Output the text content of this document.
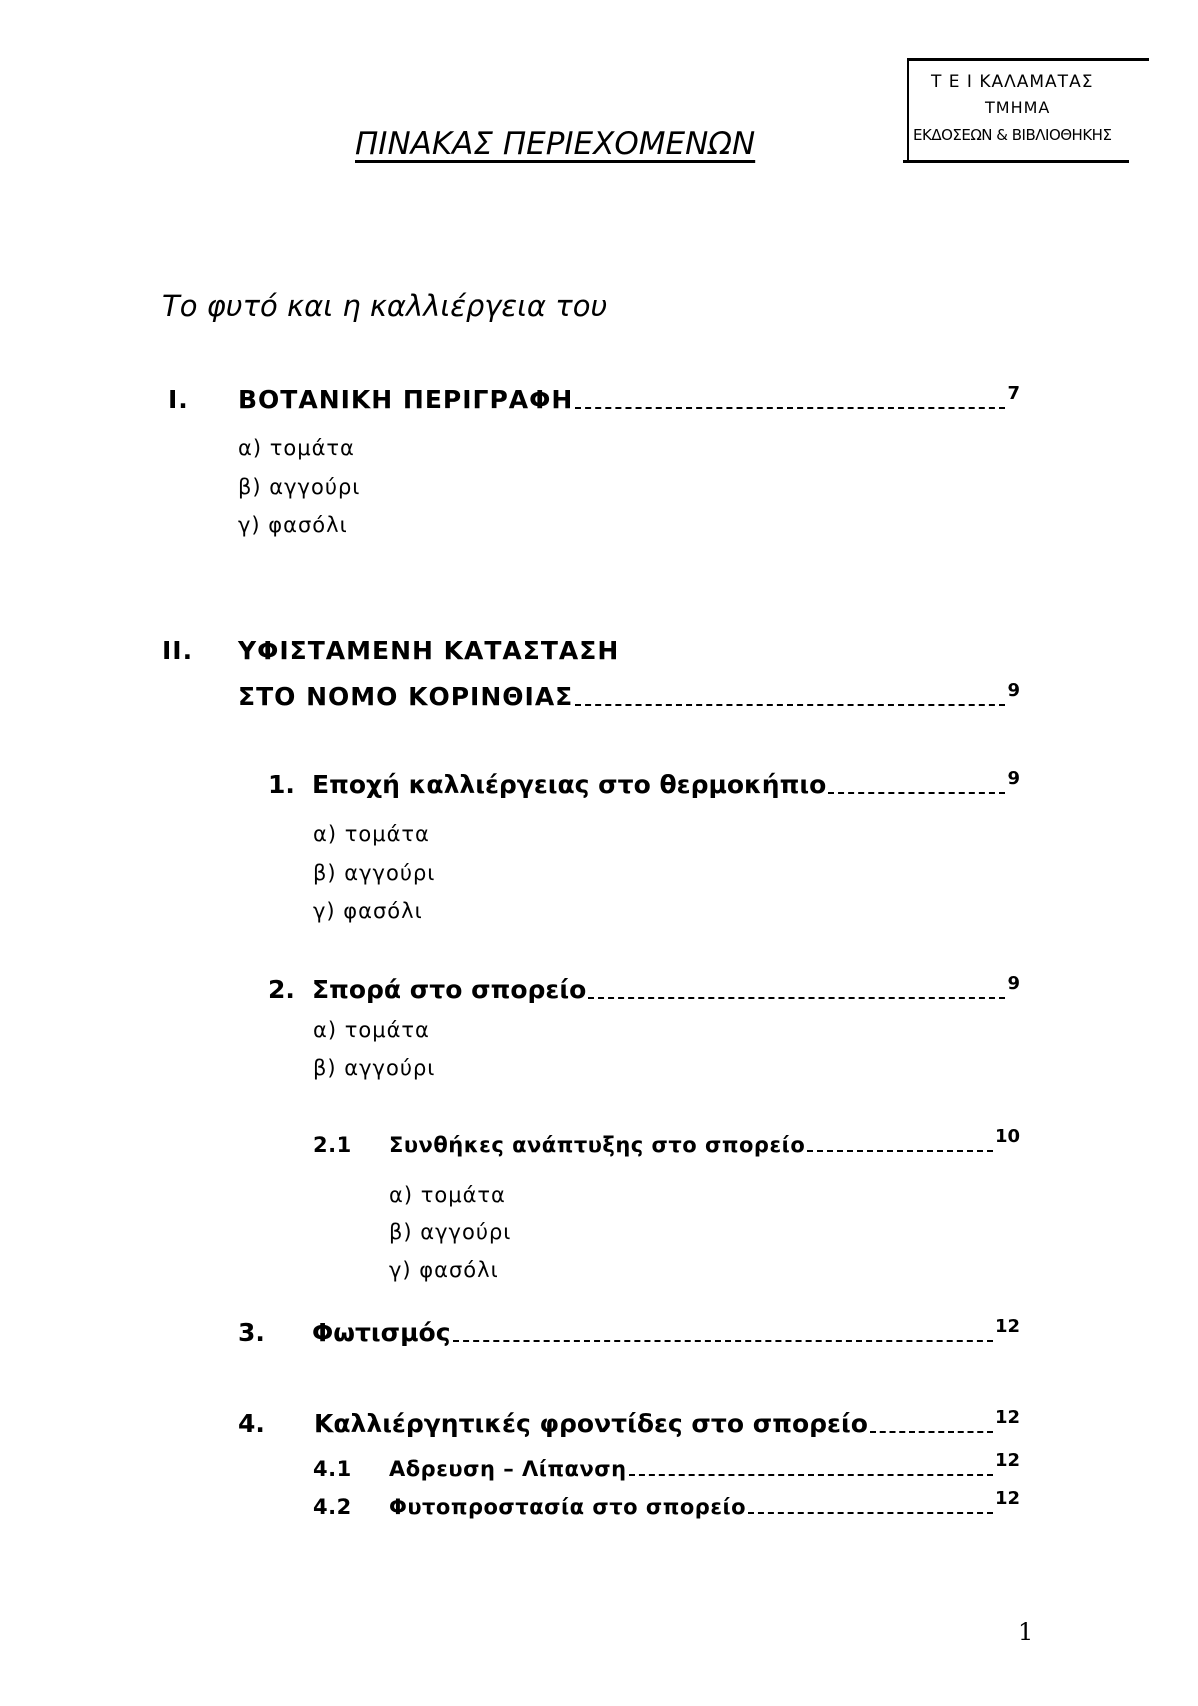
Τ Ε Ι ΚΑΛΑΜΑΤΑΣ
ΤΜΗΜΑ
ΕΚΔΟΣΕΩΝ & ΒΙΒΛΙΟΘΗΚΗΣ
ΠΙΝΑΚΑΣ ΠΕΡΙΕΧΟΜΕΝΩΝ
Το φυτό και η καλλιέργεια του
I.	ΒΟΤΑΝΙΚΗ ΠΕΡΙΓΡΑΦΗ	7
α) τομάτα
β) αγγούρι
γ) φασόλι
II. ΥΦΙΣΤΑΜΕΝΗ ΚΑΤΑΣΤΑΣΗ
ΣΤΟ ΝΟΜΟ ΚΟΡΙΝΘΙΑΣ	9
1. Εποχή καλλιέργειας στο θερμοκήπιο	9
α) τομάτα
β) αγγούρι
γ) φασόλι
2. Σπορά στο σπορείο	9
α) τομάτα
β) αγγούρι
2.1	Συνθήκες ανάπτυξης στο σπορείο	10
α) τομάτα
β) αγγούρι
γ) φασόλι
3.	Φωτισμός	12
4.	Καλλιέργητικές φροντίδες στο σπορείο	12
4.1	Αδρευση – Λίπανση	12
4.2	Φυτοπροστασία στο σπορείο	12
1
